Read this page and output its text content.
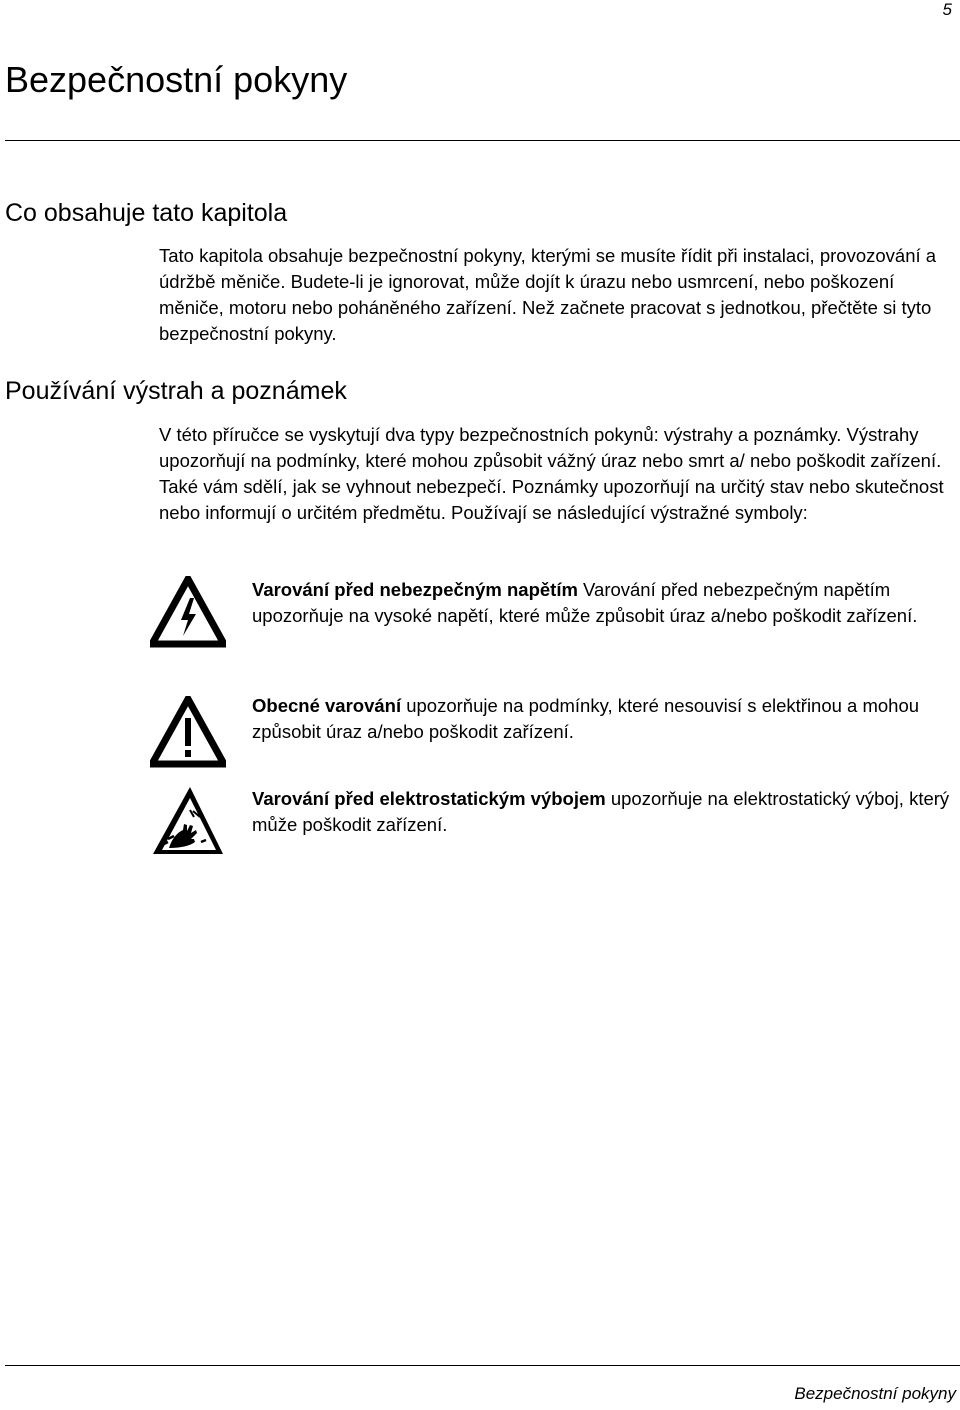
5
Bezpečnostní pokyny
Co obsahuje tato kapitola

Tato kapitola obsahuje bezpečnostní pokyny, kterými se musíte řídit při instalaci, provozování a údržbě měniče. Budete-li je ignorovat, může dojít k úrazu nebo usmrcení, nebo poškození měniče, motoru nebo poháněného zařízení. Než začnete pracovat s jednotkou, přečtěte si tyto bezpečnostní pokyny.

Používání výstrah a poznámek

V této příručce se vyskytují dva typy bezpečnostních pokynů: výstrahy a poznámky. Výstrahy upozorňují na podmínky, které mohou způsobit vážný úraz nebo smrt a/ nebo poškodit zařízení. Také vám sdělí, jak se vyhnout nebezpečí. Poznámky upozorňují na určitý stav nebo skutečnost nebo informují o určitém předmětu. Používají se následující výstražné symboly:

Varování před nebezpečným napětím Varování před nebezpečným napětím upozorňuje na vysoké napětí, které může způsobit úraz a/nebo poškodit zařízení.

Obecné varování upozorňuje na podmínky, které nesouvisí s elektřinou a mohou způsobit úraz a/nebo poškodit zařízení.

Varování před elektrostatickým výbojem upozorňuje na elektrostatický výboj, který může poškodit zařízení.

Bezpečnostní pokyny
